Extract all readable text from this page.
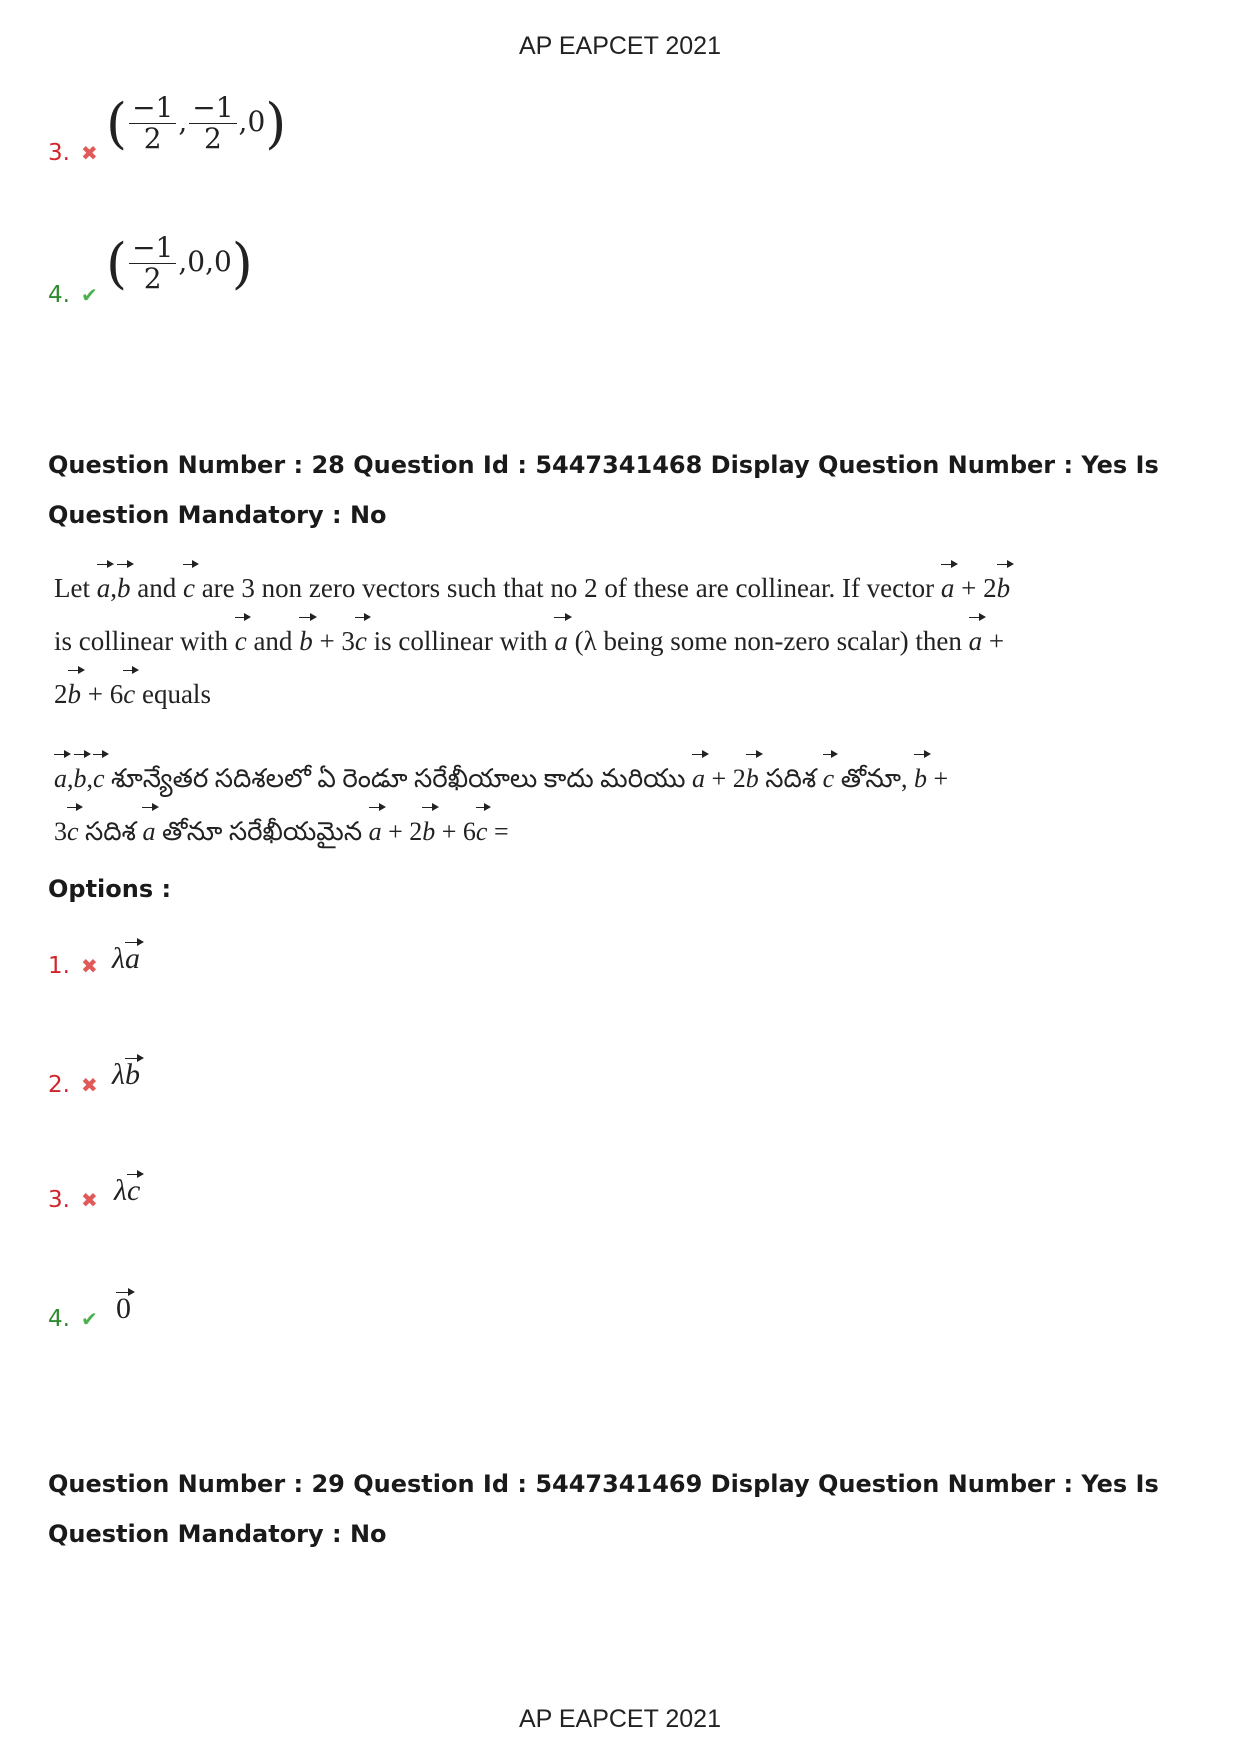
AP EAPCET 2021
3. ✖ ( $\frac{-1}{2}$ , $\frac{-1}{2} ,0$)
4. ✔ ( $\frac{-1}{2} ,0,0$)
Question Number : 28 Question Id : 5447341468 Display Question Number : Yes Is Question Mandatory : No
Let a,b and c are 3 non zero vectors such that no 2 of these are collinear. If vector a + 2b
is collinear with c and b + 3c is collinear with a (λ being some non-zero scalar) then a +
2b + 6c equals
a,b,c శూన్యేతర సదిశలలో ఏ రెండూ సరేఖీయాలు కాదు మరియు a + 2b సదిశ c తోనూ, b +
3c సదిశ a తోనూ సరేఖీయమైన a + 2b + 6c =
Options :
1. ✖ λa
2. ✖ λb
3. ✖ λc
4. ✔ 0
Question Number : 29 Question Id : 5447341469 Display Question Number : Yes Is Question Mandatory : No
AP EAPCET 2021
